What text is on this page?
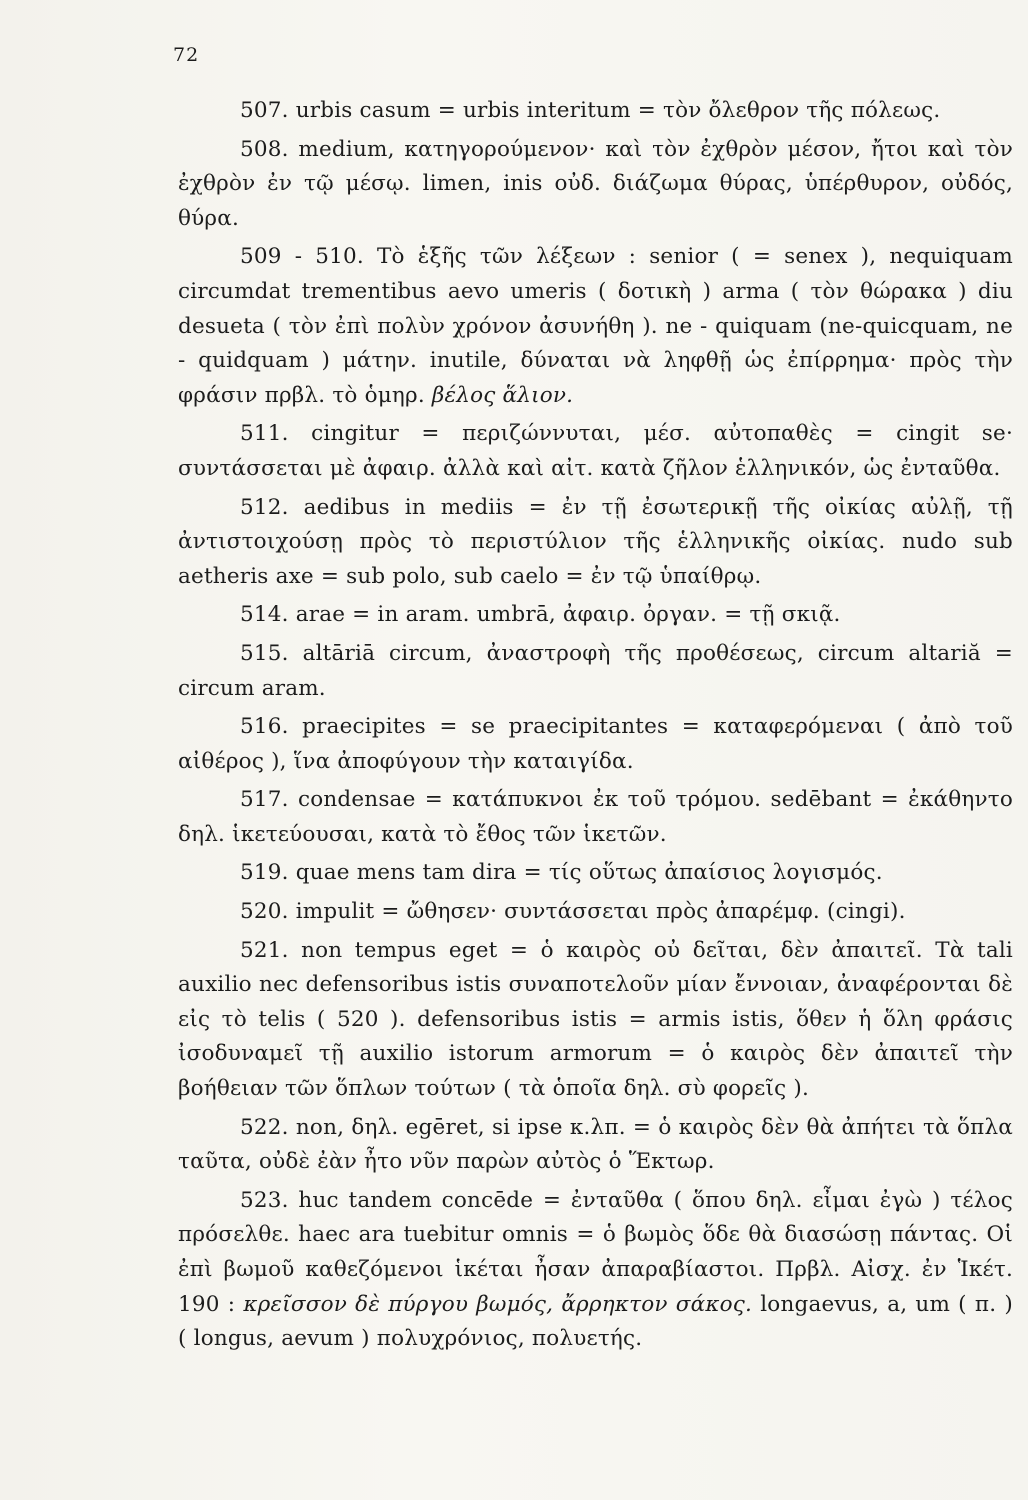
72

507. urbis casum = urbis interitum = τὸν ὄλεθρον τῆς πόλεως.

508. medium, κατηγορούμενον· καὶ τὸν ἐχθρὸν μέσον, ἤτοι καὶ τὸν ἐχθρὸν ἐν τῷ μέσῳ. limen, inis οὐδ. διάζωμα θύρας, ὑπέρθυρον, οὐδός, θύρα.

509 - 510. Τὸ ἑξῆς τῶν λέξεων : senior ( = senex ), nequiquam circumdat trementibus aevo umeris ( δοτικὴ ) arma ( τὸν θώρακα ) diu desueta ( τὸν ἐπὶ πολὺν χρόνον ἀσυνήθη ). ne - quiquam (ne-quicquam, ne - quidquam ) μάτην. inutile, δύναται νὰ ληφθῇ ὡς ἐπίρρημα· πρὸς τὴν φράσιν πρβλ. τὸ ὁμηρ. βέλος ἅλιον.

511. cingitur = περιζώννυται, μέσ. αὐτοπαθὲς = cingit se· συντάσσεται μὲ ἀφαιρ. ἀλλὰ καὶ αἰτ. κατὰ ζῆλον ἑλληνικόν, ὡς ἐνταῦθα.

512. aedibus in mediis = ἐν τῇ ἐσωτερικῇ τῆς οἰκίας αὐλῇ, τῇ ἀντιστοιχούσῃ πρὸς τὸ περιστύλιον τῆς ἑλληνικῆς οἰκίας. nudo sub aetheris axe = sub polo, sub caelo = ἐν τῷ ὑπαίθρῳ.

514. arae = in aram. umbrā, ἀφαιρ. ὀργαν. = τῇ σκιᾷ.

515. altāriā circum, ἀναστροφὴ τῆς προθέσεως, circum altariă = circum aram.

516. praecipites = se praecipitantes = καταφερόμεναι ( ἀπὸ τοῦ αἰθέρος ), ἵνα ἀποφύγουν τὴν καταιγίδα.

517. condensae = κατάπυκνοι ἐκ τοῦ τρόμου. sedēbant = ἐκάθηντο δηλ. ἱκετεύουσαι, κατὰ τὸ ἔθος τῶν ἱκετῶν.

519. quae mens tam dira = τίς οὕτως ἀπαίσιος λογισμός.

520. impulit = ὤθησεν· συντάσσεται πρὸς ἀπαρέμφ. (cingi).

521. non tempus eget = ὁ καιρὸς οὐ δεῖται, δὲν ἀπαιτεῖ. Τὰ tali auxilio nec defensoribus istis συναποτελοῦν μίαν ἔννοιαν, ἀναφέρονται δὲ εἰς τὸ telis ( 520 ). defensoribus istis = armis istis, ὅθεν ἡ ὅλη φράσις ἰσοδυναμεῖ τῇ auxilio istorum armorum = ὁ καιρὸς δὲν ἀπαιτεῖ τὴν βοήθειαν τῶν ὅπλων τούτων ( τὰ ὁποῖα δηλ. σὺ φορεῖς ).

522. non, δηλ. egēret, si ipse κ.λπ. = ὁ καιρὸς δὲν θὰ ἀπήτει τὰ ὅπλα ταῦτα, οὐδὲ ἐὰν ἦτο νῦν παρὼν αὐτὸς ὁ Ἕκτωρ.

523. huc tandem concēde = ἐνταῦθα ( ὅπου δηλ. εἶμαι ἐγὼ ) τέλος πρόσελθε. haec ara tuebitur omnis = ὁ βωμὸς ὅδε θὰ διασώσῃ πάντας. Οἱ ἐπὶ βωμοῦ καθεζόμενοι ἱκέται ἦσαν ἀπαραβίαστοι. Πρβλ. Αἰσχ. ἐν Ἱκέτ. 190 : κρεῖσσον δὲ πύργου βωμός, ἄρρηκτον σάκος. longaevus, a, um ( π. ) ( longus, aevum ) πολυχρόνιος, πολυετής.
